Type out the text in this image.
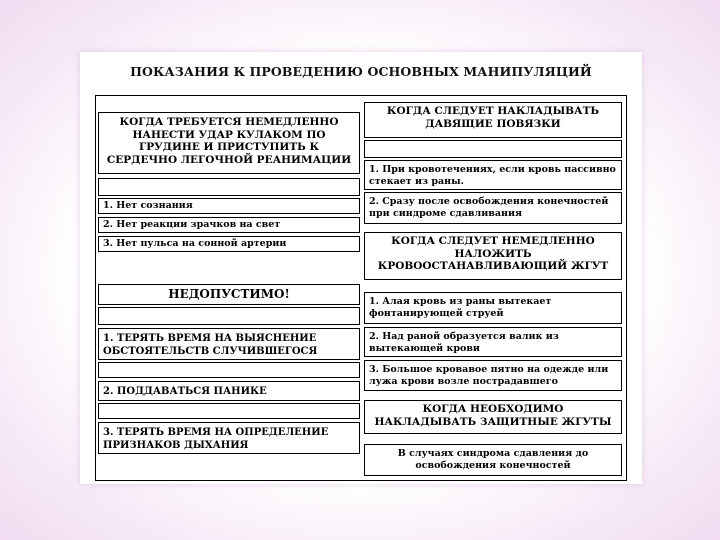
ПОКАЗАНИЯ К ПРОВЕДЕНИЮ ОСНОВНЫХ МАНИПУЛЯЦИЙ
КОГДА ТРЕБУЕТСЯ НЕМЕДЛЕННО НАНЕСТИ УДАР КУЛАКОМ ПО ГРУДИНЕ И ПРИСТУПИТЬ К СЕРДЕЧНО ЛЕГОЧНОЙ РЕАНИМАЦИИ
1. Нет сознания
2. Нет реакции зрачков на свет
3. Нет пульса на сонной артерии
НЕДОПУСТИМО!
1. ТЕРЯТЬ ВРЕМЯ НА ВЫЯСНЕНИЕ ОБСТОЯТЕЛЬСТВ СЛУЧИВШЕГОСЯ
2. ПОДДАВАТЬСЯ ПАНИКЕ
3. ТЕРЯТЬ ВРЕМЯ НА ОПРЕДЕЛЕНИЕ ПРИЗНАКОВ ДЫХАНИЯ
КОГДА СЛЕДУЕТ НАКЛАДЫВАТЬ ДАВЯЩИЕ ПОВЯЗКИ
1. При кровотечениях, если кровь пассивно стекает из раны.
2. Сразу после освобождения конечностей при синдроме сдавливания
КОГДА СЛЕДУЕТ НЕМЕДЛЕННО НАЛОЖИТЬ КРОВООСТАНАВЛИВАЮЩИЙ ЖГУТ
1. Алая кровь из раны вытекает фонтанирующей струей
2. Над раной образуется валик из вытекающей крови
3. Большое кровавое пятно на одежде или лужа крови возле пострадавшего
КОГДА НЕОБХОДИМО НАКЛАДЫВАТЬ ЗАЩИТНЫЕ ЖГУТЫ
В случаях синдрома сдавления до освобождения конечностей
